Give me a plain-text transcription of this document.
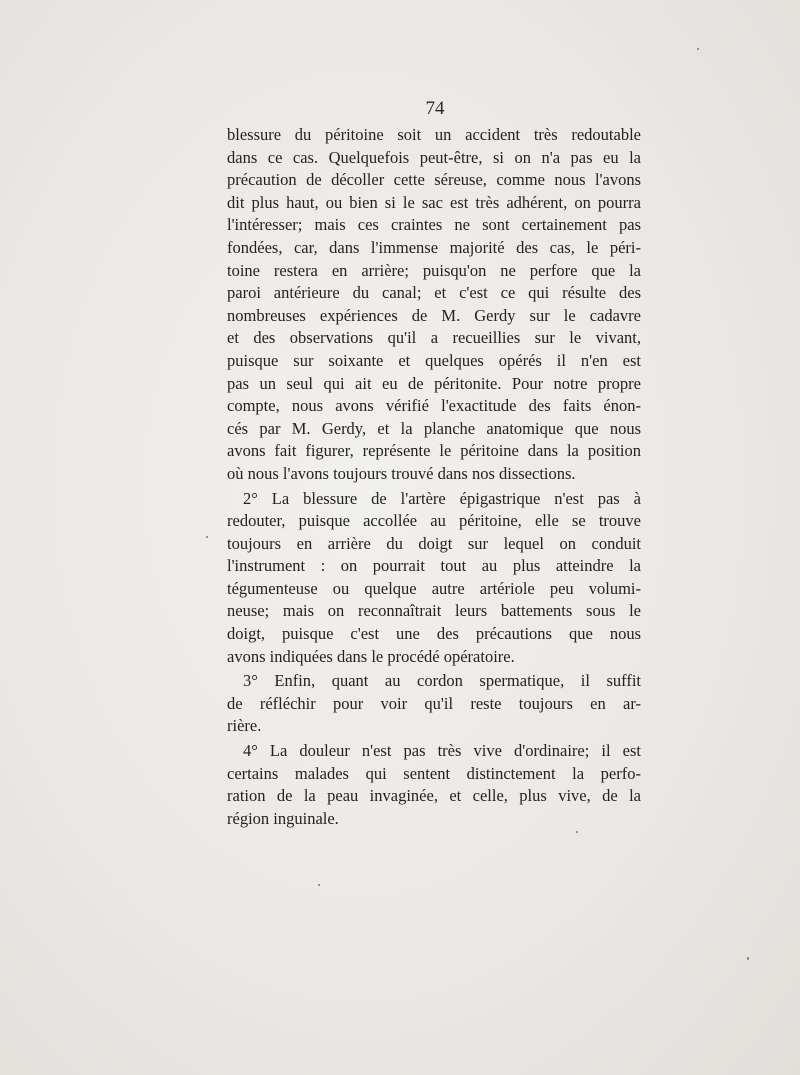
74
blessure du péritoine soit un accident très redoutable
dans ce cas. Quelquefois peut-être, si on n'a pas eu la
précaution de décoller cette séreuse, comme nous l'avons
dit plus haut, ou bien si le sac est très adhérent, on pourra
l'intéresser; mais ces craintes ne sont certainement pas
fondées, car, dans l'immense majorité des cas, le péri-
toine restera en arrière; puisqu'on ne perfore que la
paroi antérieure du canal; et c'est ce qui résulte des
nombreuses expériences de M. Gerdy sur le cadavre
et des observations qu'il a recueillies sur le vivant,
puisque sur soixante et quelques opérés il n'en est
pas un seul qui ait eu de péritonite. Pour notre propre
compte, nous avons vérifié l'exactitude des faits énon-
cés par M. Gerdy, et la planche anatomique que nous
avons fait figurer, représente le péritoine dans la position
où nous l'avons toujours trouvé dans nos dissections.
2° La blessure de l'artère épigastrique n'est pas à
redouter, puisque accollée au péritoine, elle se trouve
toujours en arrière du doigt sur lequel on conduit
l'instrument : on pourrait tout au plus atteindre la
tégumenteuse ou quelque autre artériole peu volumi-
neuse; mais on reconnaîtrait leurs battements sous le
doigt, puisque c'est une des précautions que nous
avons indiquées dans le procédé opératoire.
3° Enfin, quant au cordon spermatique, il suffit
de réfléchir pour voir qu'il reste toujours en ar-
rière.
4° La douleur n'est pas très vive d'ordinaire; il est
certains malades qui sentent distinctement la perfo-
ration de la peau invaginée, et celle, plus vive, de la
région inguinale.
